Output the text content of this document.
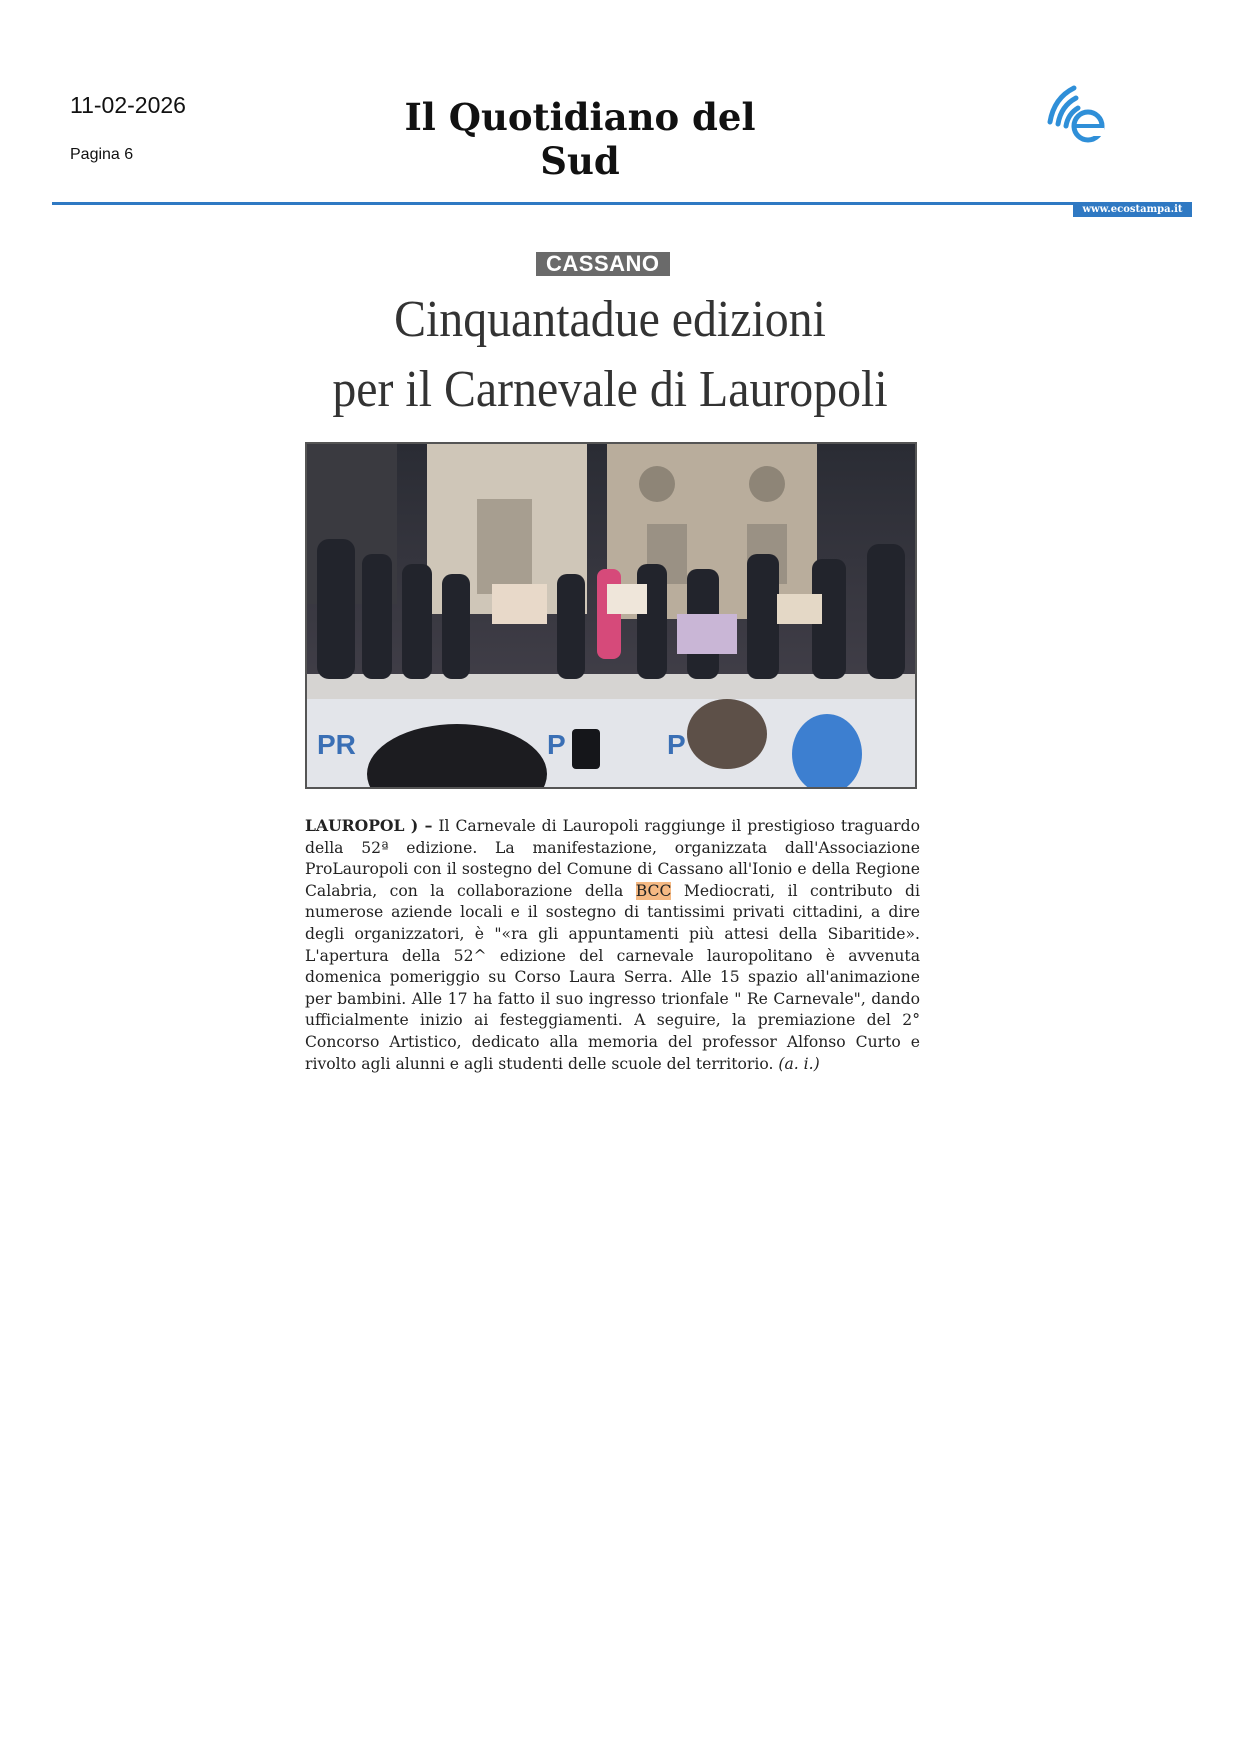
11-02-2026
Pagina 6
Il Quotidiano del Sud
www.ecostampa.it
CASSANO
Cinquantadue edizioni
per il Carnevale di Lauropoli
PR	P	P
LAUROPOL ) – Il Carnevale di Lauropoli raggiunge il prestigioso traguardo della 52ª edizione. La manifestazione, organizzata dall'Associazione ProLauropoli con il sostegno del Comune di Cassano all'Ionio e della Regione Calabria, con la collaborazione della BCC Mediocrati, il contributo di numerose aziende locali e il sostegno di tantissimi privati cittadini, a dire degli organizzatori, è "«ra gli appuntamenti più attesi della Sibaritide». L'apertura della 52^ edizione del carnevale lauropolitano è avvenuta domenica pomeriggio su Corso Laura Serra. Alle 15 spazio all'animazione per bambini. Alle 17 ha fatto il suo ingresso trionfale " Re Carnevale", dando ufficialmente inizio ai festeggiamenti. A seguire, la premiazione del 2° Concorso Artistico, dedicato alla memoria del professor Alfonso Curto e rivolto agli alunni e agli studenti delle scuole del territorio. (a. i.)
